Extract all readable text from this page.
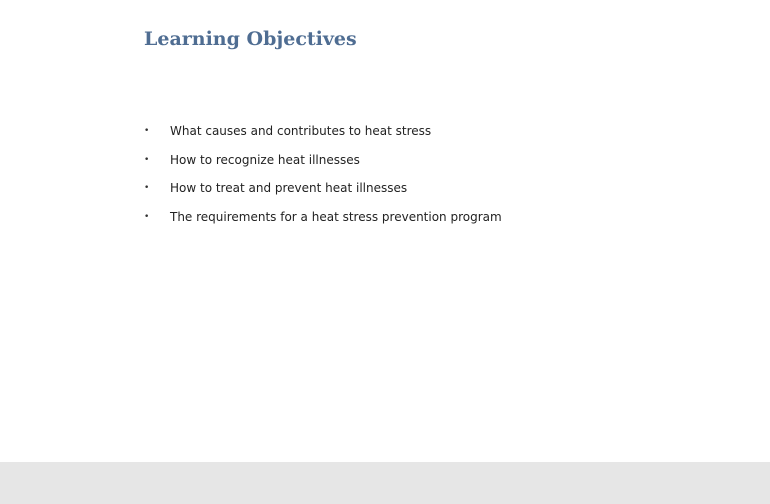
Learning Objectives
• What causes and contributes to heat stress
• How to recognize heat illnesses
• How to treat and prevent heat illnesses
• The requirements for a heat stress prevention program
